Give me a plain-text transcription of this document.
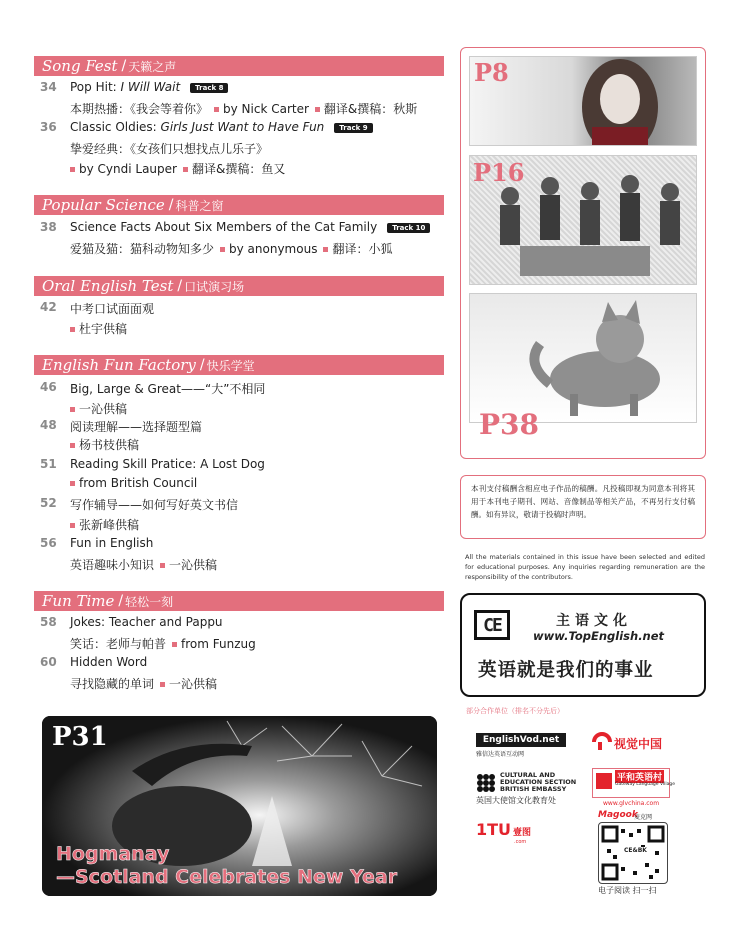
Song Fest / 天籁之声
34 Pop Hit: I Will Wait Track 8
本期热播：《我会等着你》 by Nick Carter 翻译&撰稿：秋斯
36 Classic Oldies: Girls Just Want to Have Fun Track 9
挚爱经典：《女孩们只想找点儿乐子》
by Cyndi Lauper 翻译&撰稿：鱼又
Popular Science / 科普之窗
38 Science Facts About Six Members of the Cat Family Track 10
爱猫及猫：猫科动物知多少 by anonymous 翻译：小狐
Oral English Test / 口试演习场
42 中考口试面面观
杜宇供稿
English Fun Factory / 快乐学堂
46 Big, Large & Great——“大”不相同
一沁供稿
48 阅读理解——选择题型篇
杨书枝供稿
51 Reading Skill Pratice: A Lost Dog
from British Council
52 写作辅导——如何写好英文书信
张新峰供稿
56 Fun in English
英语趣味小知识 一沁供稿
Fun Time / 轻松一刻
58 Jokes: Teacher and Pappu
笑话：老师与帕普 from Funzug
60 Hidden Word
寻找隐藏的单词 一沁供稿
P8
P16
P38
本刊支付稿酬含相应电子作品的稿酬。凡投稿即视为同意本刊将其用于本刊电子期刊、网站、音像制品等相关产品，不再另行支付稿酬。如有异议，敬请于投稿时声明。
All the materials contained in this issue have been selected and edited for educational purposes. Any inquiries regarding remuneration are the responsibility of the contributors.
CE	主语文化
www.TopEnglish.net
英语就是我们的事业
部分合作单位（排名不分先后）
EnglishVod.net
雅信达英语互动网
视觉中国
CULTURAL AND
EDUCATION SECTION
BRITISH EMBASSY
英国大使馆文化教育处
平和英语村
Gateway Language Village
www.glvchina.com
1TU 壹图
.com
Magook
麦克网
CE&BK
电子阅读 扫一扫
P31
Hogmanay
—Scotland Celebrates New Year
